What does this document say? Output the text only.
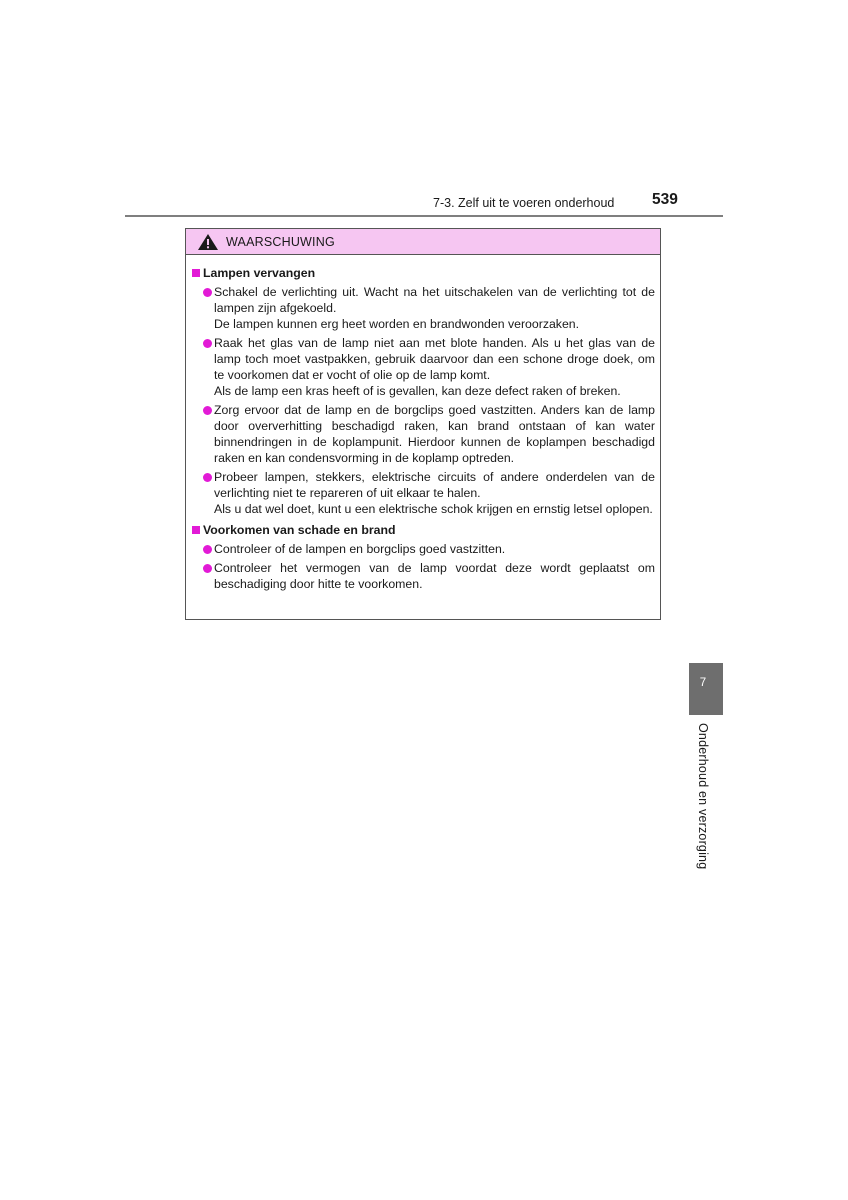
7-3. Zelf uit te voeren onderhoud 539
WAARSCHUWING
Lampen vervangen

Schakel de verlichting uit. Wacht na het uitschakelen van de verlichting tot de lampen zijn afgekoeld.

De lampen kunnen erg heet worden en brandwonden veroorzaken.

Raak het glas van de lamp niet aan met blote handen. Als u het glas van de lamp toch moet vastpakken, gebruik daarvoor dan een schone droge doek, om te voorkomen dat er vocht of olie op de lamp komt.

Als de lamp een kras heeft of is gevallen, kan deze defect raken of breken.

Zorg ervoor dat de lamp en de borgclips goed vastzitten. Anders kan de lamp door oververhitting beschadigd raken, kan brand ontstaan of kan water binnendringen in de koplampunit. Hierdoor kunnen de koplampen beschadigd raken en kan condensvorming in de koplamp optreden.

Probeer lampen, stekkers, elektrische circuits of andere onderdelen van de verlichting niet te repareren of uit elkaar te halen.

Als u dat wel doet, kunt u een elektrische schok krijgen en ernstig letsel oplopen.

Voorkomen van schade en brand

Controleer of de lampen en borgclips goed vastzitten.

Controleer het vermogen van de lamp voordat deze wordt geplaatst om beschadiging door hitte te voorkomen.

7
Onderhoud en verzorging
